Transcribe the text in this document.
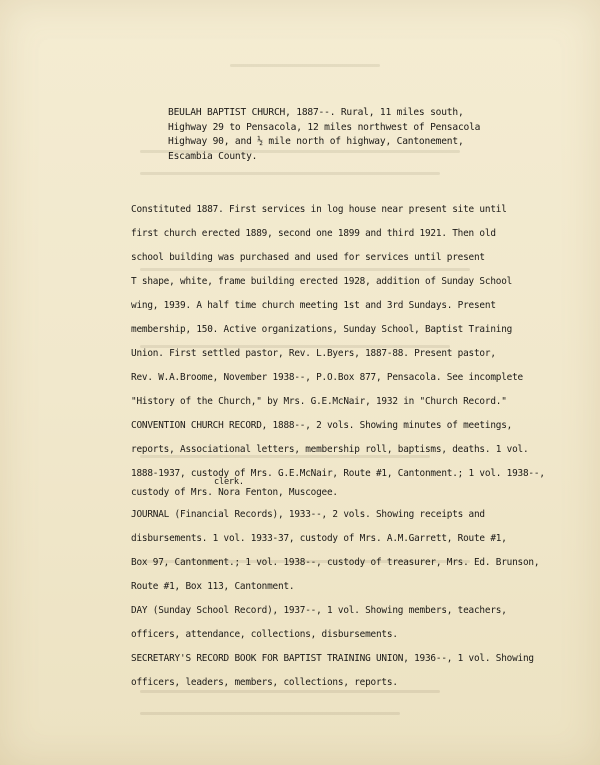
BEULAH BAPTIST CHURCH, 1887--. Rural, 11 miles south,
Highway 29 to Pensacola, 12 miles northwest of Pensacola
Highway 90, and ½ mile north of highway, Cantonement,
Escambia County.
Constituted 1887. First services in log house near present site until
first church erected 1889, second one 1899 and third 1921. Then old
school building was purchased and used for services until present
T shape, white, frame building erected 1928, addition of Sunday School
wing, 1939. A half time church meeting 1st and 3rd Sundays. Present
membership, 150. Active organizations, Sunday School, Baptist Training
Union. First settled pastor, Rev. L.Byers, 1887-88. Present pastor,
Rev. W.A.Broome, November 1938--, P.O.Box 877, Pensacola. See incomplete
"History of the Church," by Mrs. G.E.McNair, 1932 in "Church Record."
CONVENTION CHURCH RECORD, 1888--, 2 vols. Showing minutes of meetings,
reports, Associational letters, membership roll, baptisms, deaths. 1 vol.
1888-1937, custody of Mrs. G.E.McNair, Route #1, Cantonment.; 1 vol. 1938--,
clerk.
custody of Mrs. Nora Fenton, Muscogee.
JOURNAL (Financial Records), 1933--, 2 vols. Showing receipts and
disbursements. 1 vol. 1933-37, custody of Mrs. A.M.Garrett, Route #1,
Box 97, Cantonment.; 1 vol. 1938--, custody of treasurer, Mrs. Ed. Brunson,
Route #1, Box 113, Cantonment.
DAY (Sunday School Record), 1937--, 1 vol. Showing members, teachers,
officers, attendance, collections, disbursements.
SECRETARY'S RECORD BOOK FOR BAPTIST TRAINING UNION, 1936--, 1 vol. Showing
officers, leaders, members, collections, reports.
